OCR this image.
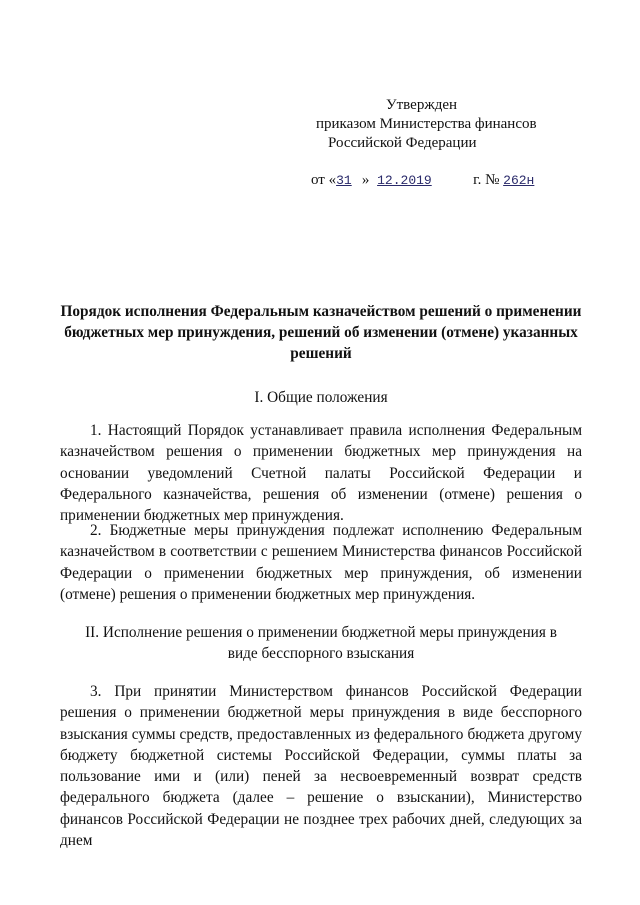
Утвержден
приказом Министерства финансов
Российской Федерации
от «31 » 12.2019	г. № 262н
Порядок исполнения Федеральным казначейством решений о применении бюджетных мер принуждения, решений об изменении (отмене) указанных решений
I. Общие положения
1. Настоящий Порядок устанавливает правила исполнения Федеральным казначейством решения о применении бюджетных мер принуждения на основании уведомлений Счетной палаты Российской Федерации и Федерального казначейства, решения об изменении (отмене) решения о применении бюджетных мер принуждения.
2. Бюджетные меры принуждения подлежат исполнению Федеральным казначейством в соответствии с решением Министерства финансов Российской Федерации о применении бюджетных мер принуждения, об изменении (отмене) решения о применении бюджетных мер принуждения.
II. Исполнение решения о применении бюджетной меры принуждения в
виде бесспорного взыскания
3. При принятии Министерством финансов Российской Федерации решения о применении бюджетной меры принуждения в виде бесспорного взыскания суммы средств, предоставленных из федерального бюджета другому бюджету бюджетной системы Российской Федерации, суммы платы за пользование ими и (или) пеней за несвоевременный возврат средств федерального бюджета (далее – решение о взыскании), Министерство финансов Российской Федерации не позднее трех рабочих дней, следующих за днем
